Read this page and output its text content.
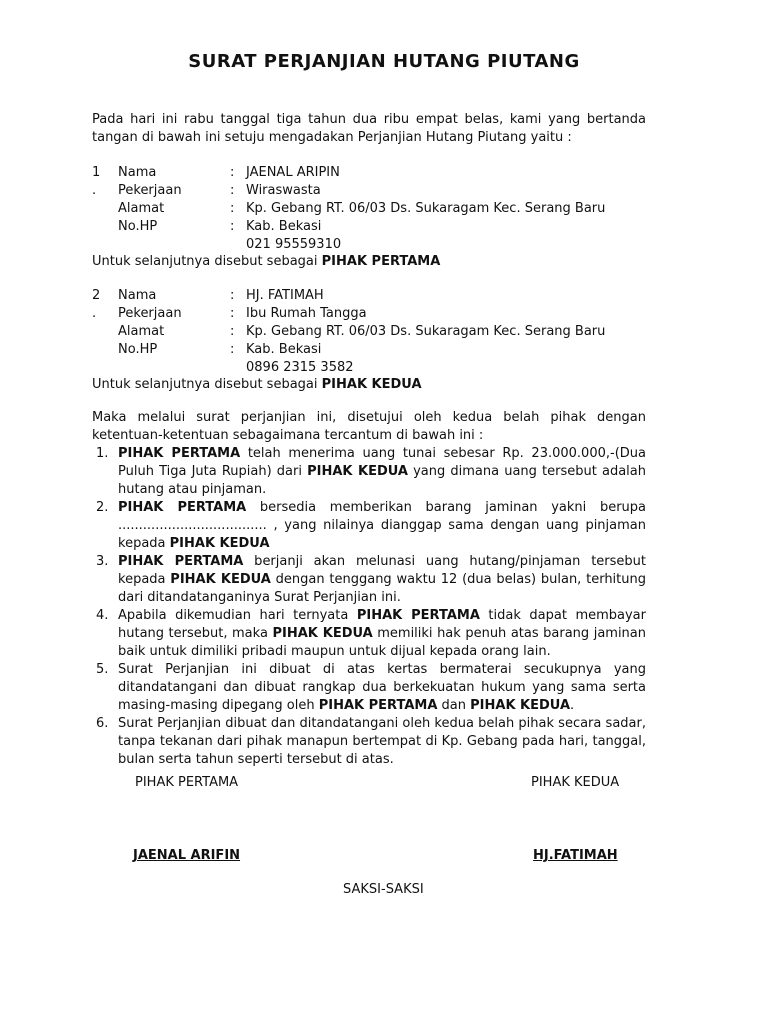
SURAT PERJANJIAN HUTANG PIUTANG
Pada hari ini rabu tanggal tiga tahun dua ribu empat belas, kami yang bertanda tangan di bawah ini setuju mengadakan Perjanjian Hutang Piutang yaitu :
1 Nama	: JAENAL ARIPIN
. Pekerjaan	: Wiraswasta
Alamat	: Kp. Gebang RT. 06/03 Ds. Sukaragam Kec. Serang Baru
No.HP	: Kab. Bekasi
021 95559310
Untuk selanjutnya disebut sebagai PIHAK PERTAMA
2 Nama	: HJ. FATIMAH
. Pekerjaan	: Ibu Rumah Tangga
Alamat	: Kp. Gebang RT. 06/03 Ds. Sukaragam Kec. Serang Baru
No.HP	: Kab. Bekasi
0896 2315 3582
Untuk selanjutnya disebut sebagai PIHAK KEDUA
Maka melalui surat perjanjian ini, disetujui oleh kedua belah pihak dengan ketentuan-ketentuan sebagaimana tercantum di bawah ini :
1. PIHAK PERTAMA telah menerima uang tunai sebesar Rp. 23.000.000,-(Dua Puluh Tiga Juta Rupiah) dari PIHAK KEDUA yang dimana uang tersebut adalah hutang atau pinjaman.
2. PIHAK PERTAMA bersedia memberikan barang jaminan yakni berupa .................................... , yang nilainya dianggap sama dengan uang pinjaman kepada PIHAK KEDUA
3. PIHAK PERTAMA berjanji akan melunasi uang hutang/pinjaman tersebut kepada PIHAK KEDUA dengan tenggang waktu 12 (dua belas) bulan, terhitung dari ditandatanganinya Surat Perjanjian ini.
4. Apabila dikemudian hari ternyata PIHAK PERTAMA tidak dapat membayar hutang tersebut, maka PIHAK KEDUA memiliki hak penuh atas barang jaminan baik untuk dimiliki pribadi maupun untuk dijual kepada orang lain.
5. Surat Perjanjian ini dibuat di atas kertas bermaterai secukupnya yang ditandatangani dan dibuat rangkap dua berkekuatan hukum yang sama serta masing-masing dipegang oleh PIHAK PERTAMA dan PIHAK KEDUA.
6. Surat Perjanjian dibuat dan ditandatangani oleh kedua belah pihak secara sadar, tanpa tekanan dari pihak manapun bertempat di Kp. Gebang pada hari, tanggal, bulan serta tahun seperti tersebut di atas.
PIHAK PERTAMA	PIHAK KEDUA
JAENAL ARIFIN	HJ.FATIMAH
SAKSI-SAKSI
